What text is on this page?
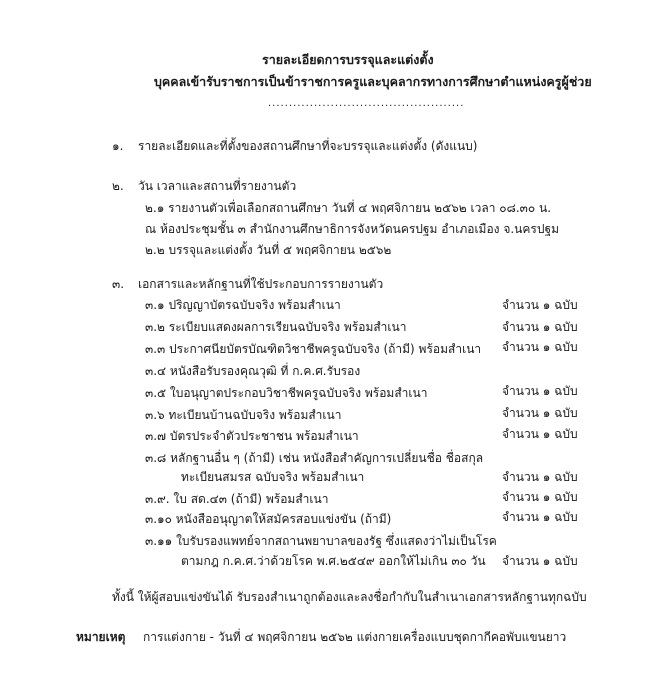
รายละเอียดการบรรจุและแต่งตั้ง
บุคคลเข้ารับราชการเป็นข้าราชการครูและบุคลากรทางการศึกษาตำแหน่งครูผู้ช่วย
...............................................
๑. รายละเอียดและที่ตั้งของสถานศึกษาที่จะบรรจุและแต่งตั้ง (ดังแนบ)
๒. วัน เวลาและสถานที่รายงานตัว
๒.๑ รายงานตัวเพื่อเลือกสถานศึกษา วันที่ ๔ พฤศจิกายน ๒๕๖๒ เวลา ๐๘.๓๐ น.
ณ ห้องประชุมชั้น ๓ สำนักงานศึกษาธิการจังหวัดนครปฐม อำเภอเมือง จ.นครปฐม
๒.๒ บรรจุและแต่งตั้ง วันที่ ๕ พฤศจิกายน ๒๕๖๒
๓. เอกสารและหลักฐานที่ใช้ประกอบการรายงานตัว
๓.๑ ปริญญาบัตรฉบับจริง พร้อมสำเนา	จำนวน ๑ ฉบับ
๓.๒ ระเบียบแสดงผลการเรียนฉบับจริง พร้อมสำเนา	จำนวน ๑ ฉบับ
๓.๓ ประกาศนียบัตรบัณฑิตวิชาชีพครูฉบับจริง (ถ้ามี) พร้อมสำเนา จำนวน ๑ ฉบับ
๓.๔ หนังสือรับรองคุณวุฒิ ที่ ก.ค.ศ.รับรอง
๓.๕ ใบอนุญาตประกอบวิชาชีพครูฉบับจริง พร้อมสำเนา	จำนวน ๑ ฉบับ
๓.๖ ทะเบียนบ้านฉบับจริง พร้อมสำเนา	จำนวน ๑ ฉบับ
๓.๗ บัตรประจำตัวประชาชน พร้อมสำเนา	จำนวน ๑ ฉบับ
๓.๘ หลักฐานอื่น ๆ (ถ้ามี) เช่น หนังสือสำคัญการเปลี่ยนชื่อ ชื่อสกุล
ทะเบียนสมรส ฉบับจริง พร้อมสำเนา	จำนวน ๑ ฉบับ
๓.๙. ใบ สด.๔๓ (ถ้ามี) พร้อมสำเนา	จำนวน ๑ ฉบับ
๓.๑๐ หนังสืออนุญาตให้สมัครสอบแข่งขัน (ถ้ามี)	จำนวน ๑ ฉบับ
๓.๑๑ ใบรับรองแพทย์จากสถานพยาบาลของรัฐ ซึ่งแสดงว่าไม่เป็นโรค
ตามกฎ ก.ค.ศ.ว่าด้วยโรค พ.ศ.๒๕๔๙ ออกให้ไม่เกิน ๓๐ วัน จำนวน ๑ ฉบับ
ทั้งนี้ ให้ผู้สอบแข่งขันได้ รับรองสำเนาถูกต้องและลงชื่อกำกับในสำเนาเอกสารหลักฐานทุกฉบับ
หมายเหตุ การแต่งกาย - วันที่ ๔ พฤศจิกายน ๒๕๖๒ แต่งกายเครื่องแบบชุดกากีคอพับแขนยาว
